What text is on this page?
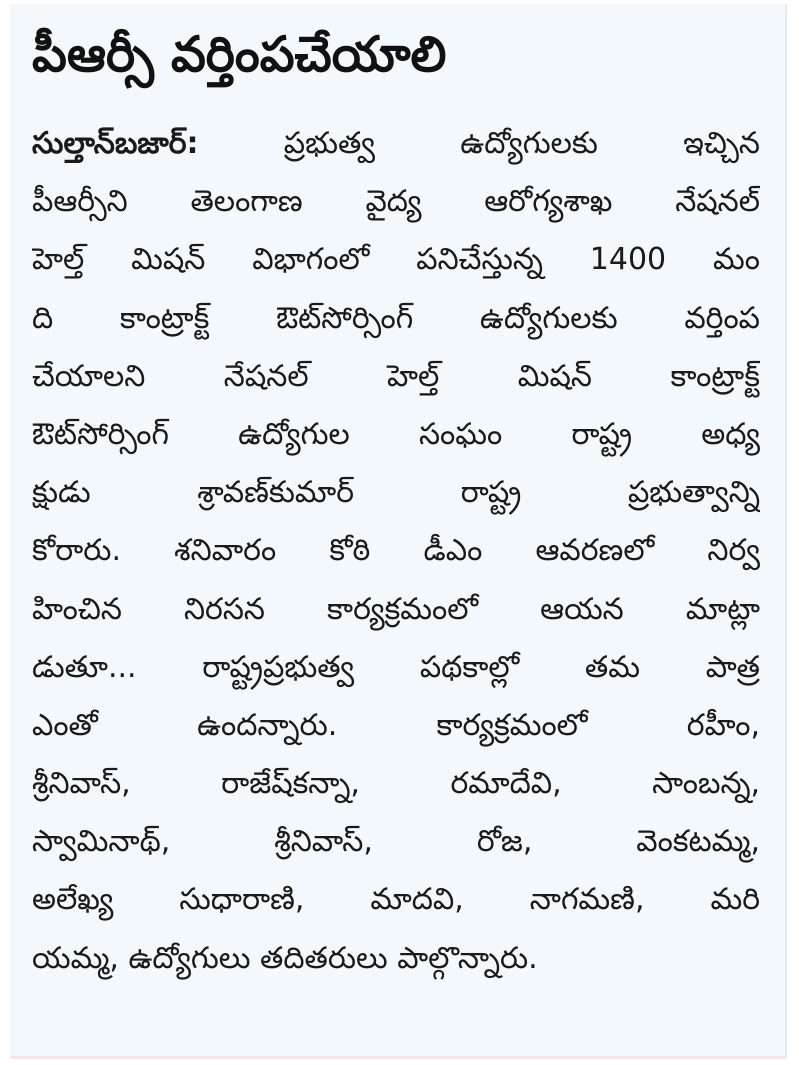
పీఆర్సీ వర్తింపచేయాలి
సుల్తాన్‌బజార్: ప్రభుత్వ ఉద్యోగులకు ఇచ్చిన
పీఆర్సీని తెలంగాణ వైద్య ఆరోగ్యశాఖ నేషనల్
హెల్త్ మిషన్ విభాగంలో పనిచేస్తున్న 1400 మం
ది కాంట్రాక్ట్ ఔట్‌సోర్సింగ్ ఉద్యోగులకు వర్తింప
చేయాలని నేషనల్ హెల్త్ మిషన్ కాంట్రాక్ట్
ఔట్‌సోర్సింగ్ ఉద్యోగుల సంఘం రాష్ట్ర అధ్య
క్షుడు శ్రావణ్‌కుమార్ రాష్ట్ర ప్రభుత్వాన్ని
కోరారు. శనివారం కోఠి డీఎం ఆవరణలో నిర్వ
హించిన నిరసన కార్యక్రమంలో ఆయన మాట్లా
డుతూ... రాష్ట్రప్రభుత్వ పథకాల్లో తమ పాత్ర
ఎంతో ఉందన్నారు. కార్యక్రమంలో రహీం,
శ్రీనివాస్, రాజేష్‌కన్నా, రమాదేవి, సాంబన్న,
స్వామినాథ్, శ్రీనివాస్, రోజ, వెంకటమ్మ,
అలేఖ్య సుధారాణి, మాదవి, నాగమణి, మరి
యమ్మ, ఉద్యోగులు తదితరులు పాల్గొన్నారు.
